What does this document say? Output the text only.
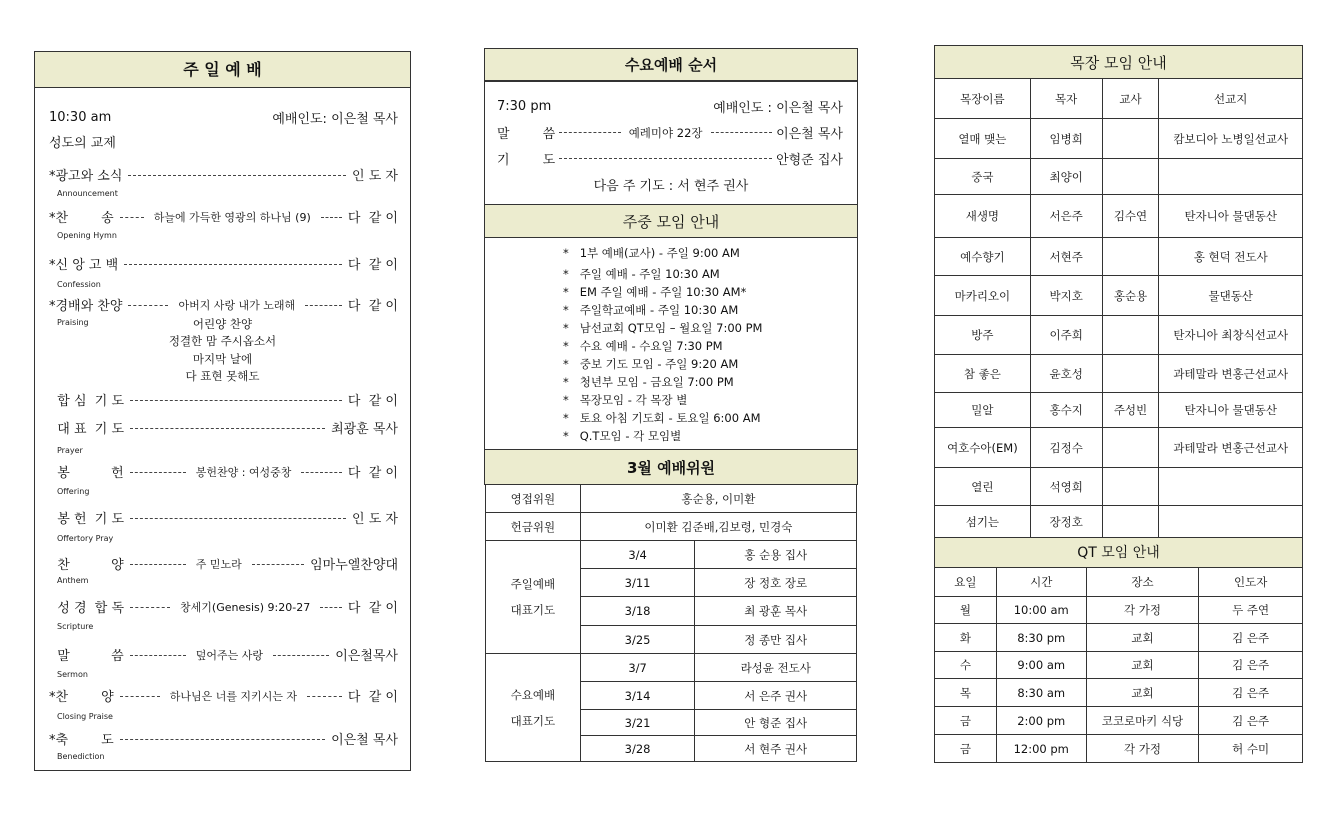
주 일 예 배
10:30 am	예배인도: 이은철 목사
성도의 교제
*광고와 소식	인 도 자
Announcement
*찬        송	하늘에 가득한 영광의 하나님 (9)	다  같 이
Opening Hymn
*신 앙 고 백	다  같 이
Confession
*경배와 찬양	아버지 사랑 내가 노래해	다  같 이
Praising	어린양 찬양
정결한 맘 주시옵소서
마지막 날에
다 표현 못해도
합 심  기 도	다  같 이
대 표  기 도	최광훈 목사
Prayer
봉          헌	봉헌찬양 : 여성중창	다  같 이
Offering
봉 헌  기 도	인 도 자
Offertory Pray
찬          양	주 믿노라	임마누엘찬양대
Anthem
성 경  합 독	창세기(Genesis) 9:20-27	다  같 이
Scripture
말          씀	덮어주는 사랑	이은철목사
Sermon
*찬        양	하나님은 너를 지키시는 자	다  같 이
Closing Praise
*축        도	이은철 목사
Benediction
수요예배 순서
7:30 pm	예배인도 : 이은철 목사
말        씀	예레미야 22장	이은철 목사
기        도	안형준 집사
다음 주 기도 : 서 현주 권사
주중 모임 안내
*   1부 예배(교사) - 주일 9:00 AM
*   주일 예배 - 주일 10:30 AM
*   EM 주일 예배 - 주일 10:30 AM*
*   주일학교예배 - 주일 10:30 AM
*   남선교회 QT모임 – 월요일 7:00 PM
*   수요 예배 - 수요일 7:30 PM
*   중보 기도 모임 - 주일 9:20 AM
*   청년부 모임 - 금요일 7:00 PM
*   목장모임 - 각 목장 별
*   토요 아침 기도회 - 토요일 6:00 AM
*   Q.T모임 - 각 모임별
3월 예배위원
영접위원	홍순용, 이미환	
헌금위원	이미환 김준배,김보령, 민경숙	

주일예배
대표기도	3/4	홍 순용 집사
	3/11	장 정호 장로
	3/18	최 광훈 목사
	3/25	정 종만 집사

수요예배
대표기도	3/7	라성윤 전도사
	3/14	서 은주 권사
	3/21	안 형준 집사
	3/28	서 현주 권사
목장 모임 안내
목장이름	목자	교사	선교지
열매 맺는	임병희		캄보디아 노병일선교사
중국	최양이		
새생명	서은주	김수연	탄자니아 물댄동산
예수향기	서현주		홍 현덕 전도사
마카리오이	박지호	홍순용	물댄동산
방주	이주희		탄자니아 최창식선교사
참 좋은	윤호성		과테말라 변홍근선교사
밀알	홍수지	주성빈	탄자니아 물댄동산
여호수아(EM)	김정수		과테말라 변홍근선교사
열린	석영희		
섬기는	장정호		
QT 모임 안내
요일	시간	장소	인도자
월	10:00 am	각 가정	두 주연
화	8:30 pm	교회	김 은주
수	9:00 am	교회	김 은주
목	8:30 am	교회	김 은주
금	2:00 pm	코코로마키 식당	김 은주
금	12:00 pm	각 가정	허 수미
